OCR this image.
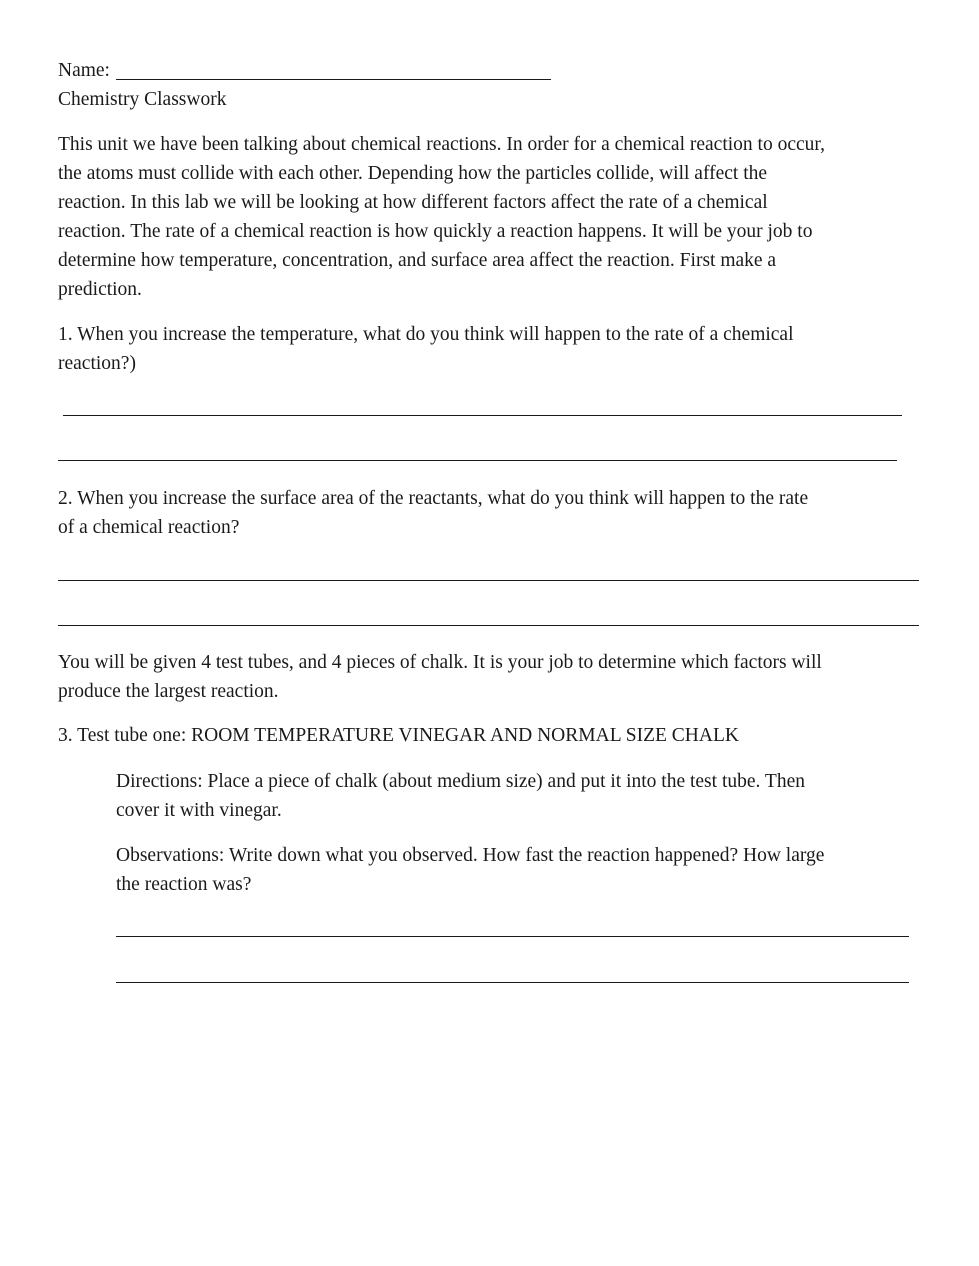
Name:
Chemistry Classwork
This unit we have been talking about chemical reactions. In order for a chemical reaction to occur,
the atoms must collide with each other. Depending how the particles collide, will affect the
reaction. In this lab we will be looking at how different factors affect the rate of a chemical
reaction. The rate of a chemical reaction is how quickly a reaction happens. It will be your job to
determine how temperature, concentration, and surface area affect the reaction. First make a
prediction.
1. When you increase the temperature, what do you think will happen to the rate of a chemical
reaction?)
2. When you increase the surface area of the reactants, what do you think will happen to the rate
of a chemical reaction?
You will be given 4 test tubes, and 4 pieces of chalk. It is your job to determine which factors will
produce the largest reaction.
3. Test tube one: ROOM TEMPERATURE VINEGAR AND NORMAL SIZE CHALK
Directions: Place a piece of chalk (about medium size) and put it into the test tube. Then
cover it with vinegar.
Observations: Write down what you observed. How fast the reaction happened? How large
the reaction was?
